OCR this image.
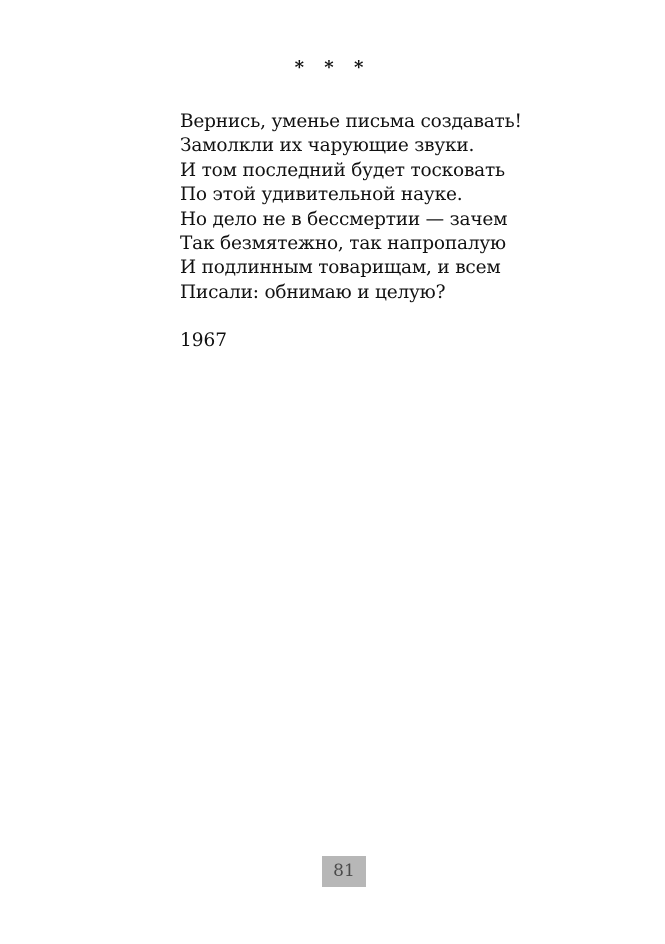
* * *
Вернись, уменье письма создавать!
Замолкли их чарующие звуки.
И том последний будет тосковать
По этой удивительной науке.
Но дело не в бессмертии — зачем
Так безмятежно, так напропалую
И подлинным товарищам, и всем
Писали: обнимаю и целую?
1967
81
